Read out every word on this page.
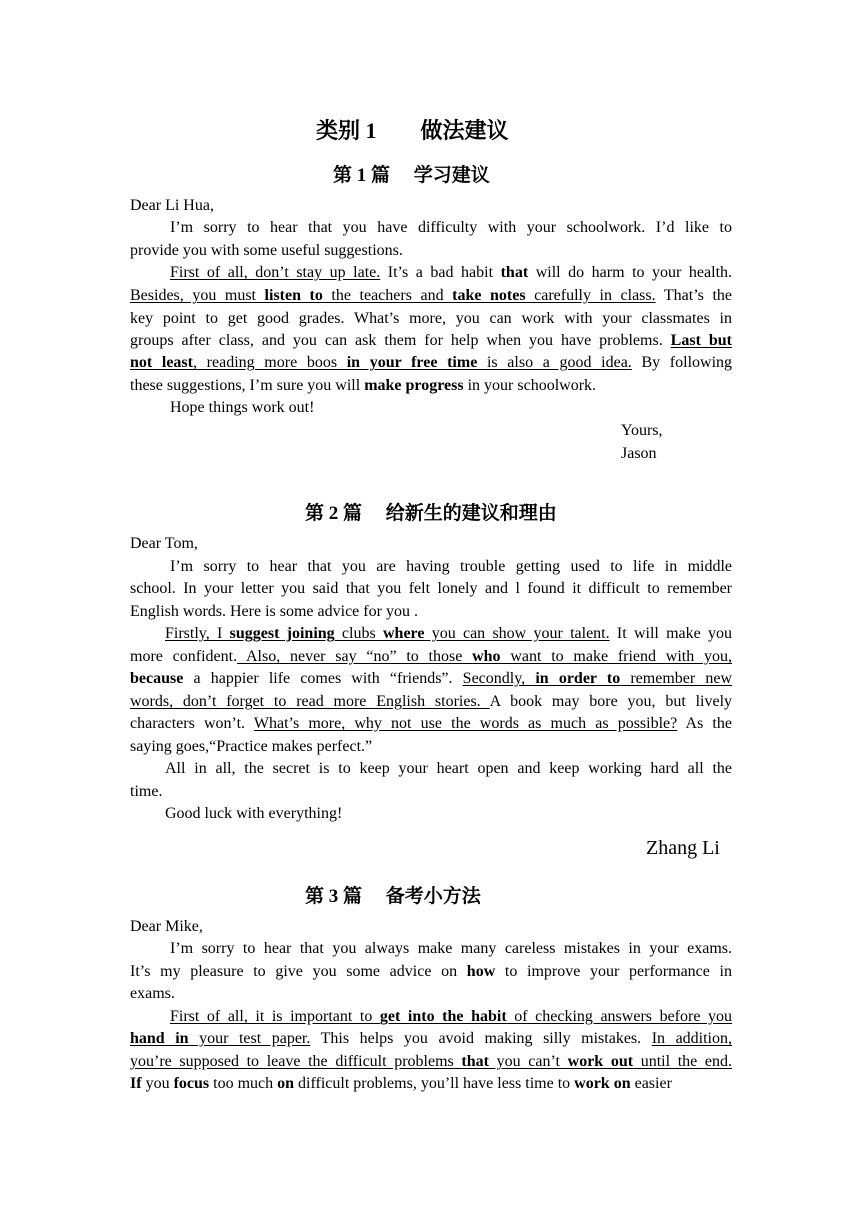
类别 1　　做法建议
第 1 篇　 学习建议
Dear Li Hua,
I’m sorry to hear that you have difficulty with your schoolwork. I’d like to
provide you with some useful suggestions.
First of all, don’t stay up late. It’s a bad habit that will do harm to your health.
Besides, you must listen to the teachers and take notes carefully in class. That’s the
key point to get good grades. What’s more, you can work with your classmates in
groups after class, and you can ask them for help when you have problems. Last but
not least, reading more boos in your free time is also a good idea. By following
these suggestions, I’m sure you will make progress in your schoolwork.
Hope things work out!
Yours,
Jason
第 2 篇　 给新生的建议和理由
Dear Tom,
I’m sorry to hear that you are having trouble getting used to life in middle
school. In your letter you said that you felt lonely and l found it difficult to remember
English words. Here is some advice for you .
Firstly, I suggest joining clubs where you can show your talent. It will make you
more confident. Also, never say “no” to those who want to make friend with you,
because a happier life comes with “friends”. Secondly, in order to remember new
words, don’t forget to read more English stories. A book may bore you, but lively
characters won’t. What’s more, why not use the words as much as possible? As the
saying goes,“Practice makes perfect.”
All in all, the secret is to keep your heart open and keep working hard all the
time.
Good luck with everything!
Zhang Li
第 3 篇　 备考小方法
Dear Mike,
I’m sorry to hear that you always make many careless mistakes in your exams.
It’s my pleasure to give you some advice on how to improve your performance in
exams.
First of all, it is important to get into the habit of checking answers before you
hand in your test paper. This helps you avoid making silly mistakes. In addition,
you’re supposed to leave the difficult problems that you can’t work out until the end.
If you focus too much on difficult problems, you’ll have less time to work on easier
